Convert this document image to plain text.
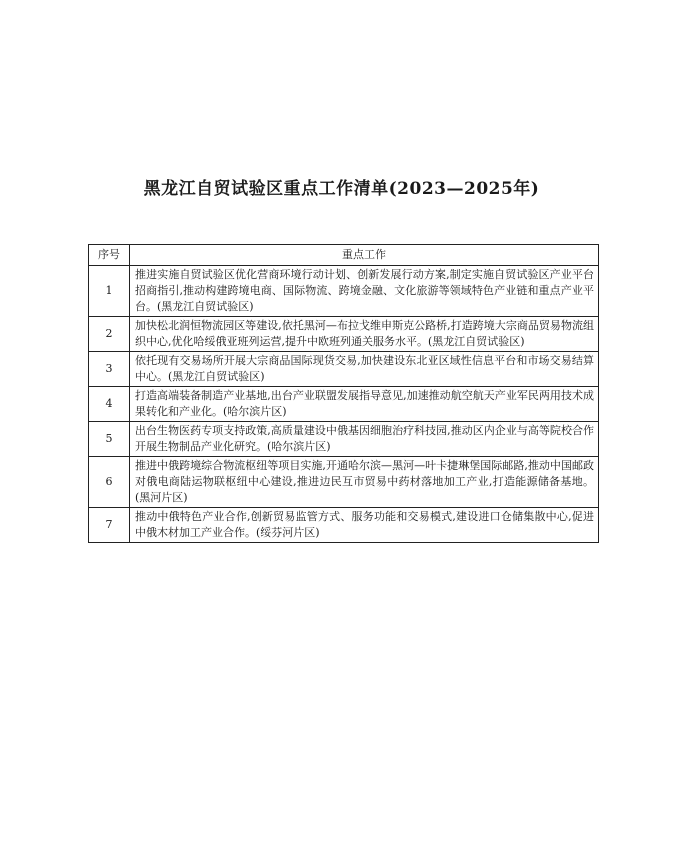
黑龙江自贸试验区重点工作清单(2023—2025年)
序号	重点工作
1	推进实施自贸试验区优化营商环境行动计划、创新发展行动方案,制定实施自贸试验区产业平台招商指引,推动构建跨境电商、国际物流、跨境金融、文化旅游等领域特色产业链和重点产业平台。(黑龙江自贸试验区)
2	加快松北润恒物流园区等建设,依托黑河—布拉戈维申斯克公路桥,打造跨境大宗商品贸易物流组织中心,优化哈绥俄亚班列运营,提升中欧班列通关服务水平。(黑龙江自贸试验区)
3	依托现有交易场所开展大宗商品国际现货交易,加快建设东北亚区域性信息平台和市场交易结算中心。(黑龙江自贸试验区)
4	打造高端装备制造产业基地,出台产业联盟发展指导意见,加速推动航空航天产业军民两用技术成果转化和产业化。(哈尔滨片区)
5	出台生物医药专项支持政策,高质量建设中俄基因细胞治疗科技园,推动区内企业与高等院校合作开展生物制品产业化研究。(哈尔滨片区)
6	推进中俄跨境综合物流枢纽等项目实施,开通哈尔滨—黑河—叶卡捷琳堡国际邮路,推动中国邮政对俄电商陆运物联枢纽中心建设,推进边民互市贸易中药材落地加工产业,打造能源储备基地。(黑河片区)
7	推动中俄特色产业合作,创新贸易监管方式、服务功能和交易模式,建设进口仓储集散中心,促进中俄木材加工产业合作。(绥芬河片区)
